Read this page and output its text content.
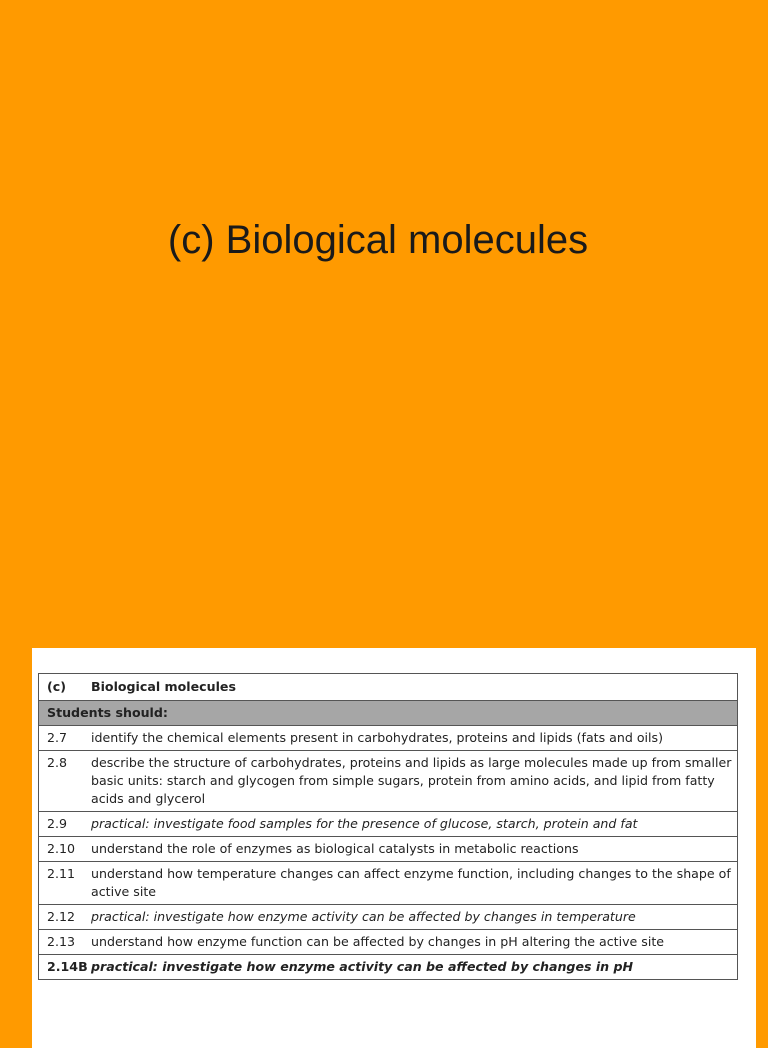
(c) Biological molecules
(c)	Biological molecules
Students should:	
2.7	identify the chemical elements present in carbohydrates, proteins and lipids (fats and oils)
2.8	describe the structure of carbohydrates, proteins and lipids as large molecules made up from smaller basic units: starch and glycogen from simple sugars, protein from amino acids, and lipid from fatty acids and glycerol
2.9	practical: investigate food samples for the presence of glucose, starch, protein and fat
2.10	understand the role of enzymes as biological catalysts in metabolic reactions
2.11	understand how temperature changes can affect enzyme function, including changes to the shape of active site
2.12	practical: investigate how enzyme activity can be affected by changes in temperature
2.13	understand how enzyme function can be affected by changes in pH altering the active site
2.14B	practical: investigate how enzyme activity can be affected by changes in pH
